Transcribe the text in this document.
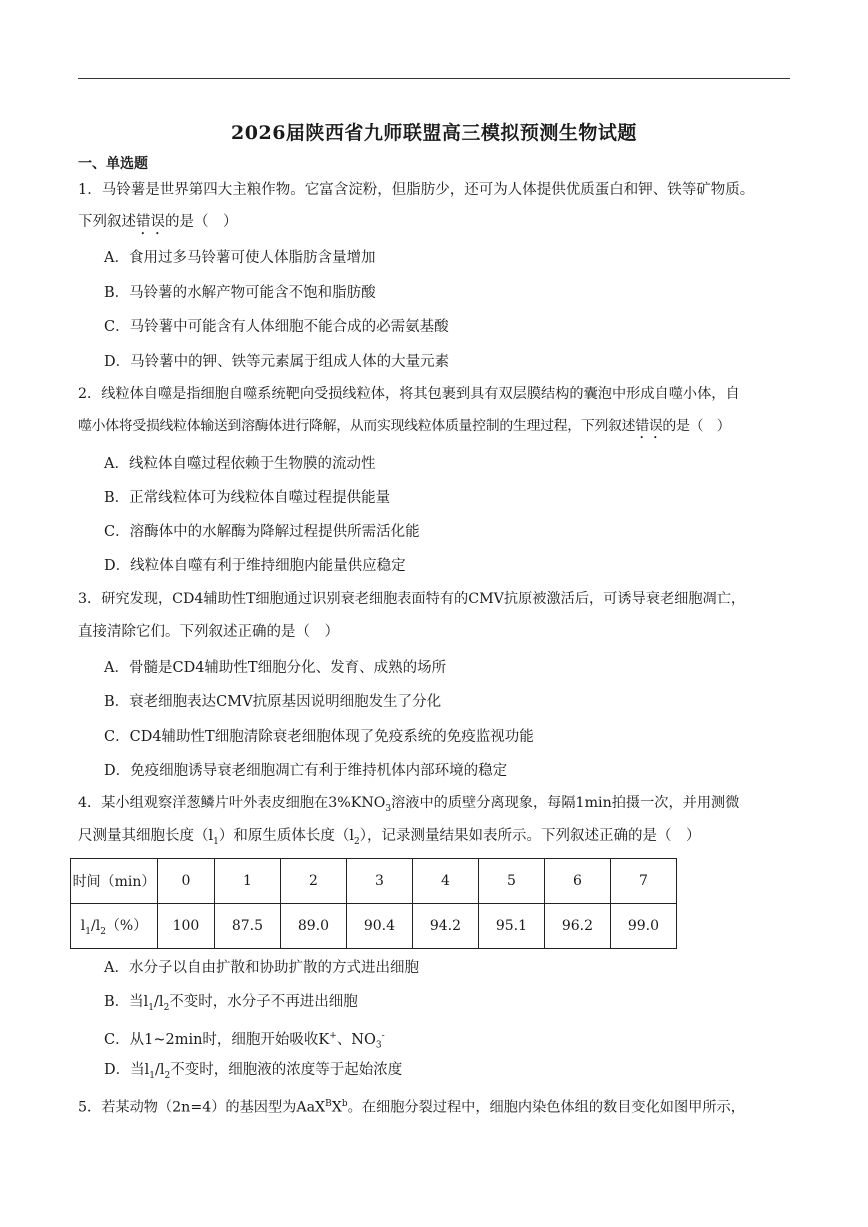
2026届陕西省九师联盟高三模拟预测生物试题
一、单选题
1．马铃薯是世界第四大主粮作物。它富含淀粉，但脂肪少，还可为人体提供优质蛋白和钾、铁等矿物质。
下列叙述错误的是（　）
A．食用过多马铃薯可使人体脂肪含量增加
B．马铃薯的水解产物可能含不饱和脂肪酸
C．马铃薯中可能含有人体细胞不能合成的必需氨基酸
D．马铃薯中的钾、铁等元素属于组成人体的大量元素
2．线粒体自噬是指细胞自噬系统靶向受损线粒体，将其包裹到具有双层膜结构的囊泡中形成自噬小体，自
噬小体将受损线粒体输送到溶酶体进行降解，从而实现线粒体质量控制的生理过程，下列叙述错误的是（　）
A．线粒体自噬过程依赖于生物膜的流动性
B．正常线粒体可为线粒体自噬过程提供能量
C．溶酶体中的水解酶为降解过程提供所需活化能
D．线粒体自噬有利于维持细胞内能量供应稳定
3．研究发现，CD4辅助性T细胞通过识别衰老细胞表面特有的CMV抗原被激活后，可诱导衰老细胞凋亡，
直接清除它们。下列叙述正确的是（　）
A．骨髓是CD4辅助性T细胞分化、发育、成熟的场所
B．衰老细胞表达CMV抗原基因说明细胞发生了分化
C．CD4辅助性T细胞清除衰老细胞体现了免疫系统的免疫监视功能
D．免疫细胞诱导衰老细胞凋亡有利于维持机体内部环境的稳定
4．某小组观察洋葱鳞片叶外表皮细胞在$3\%KNO_3$溶液中的质壁分离现象，每隔1min拍摄一次，并用测微
尺测量其细胞长度$(l_1)$和原生质体长度$(l_2)$，记录测量结果如表所示。下列叙述正确的是（　）
时间（min）	0	1	2	3	4	5	6	7
$l_1/l_2(\%)$	100	87.5	89.0	90.4	94.2	95.1	96.2	99.0
A．水分子以自由扩散和协助扩散的方式进出细胞
B．当$l_1/l_2$不变时，水分子不再进出细胞
C．从1~2min时，细胞开始吸收K+、$NO_3^-$
D．当$l_1/l_2$不变时，细胞液的浓度等于起始浓度
5．若某动物（2n=4）的基因型为$AaX^BX^b$。在细胞分裂过程中，细胞内染色体组的数目变化如图甲所示，
